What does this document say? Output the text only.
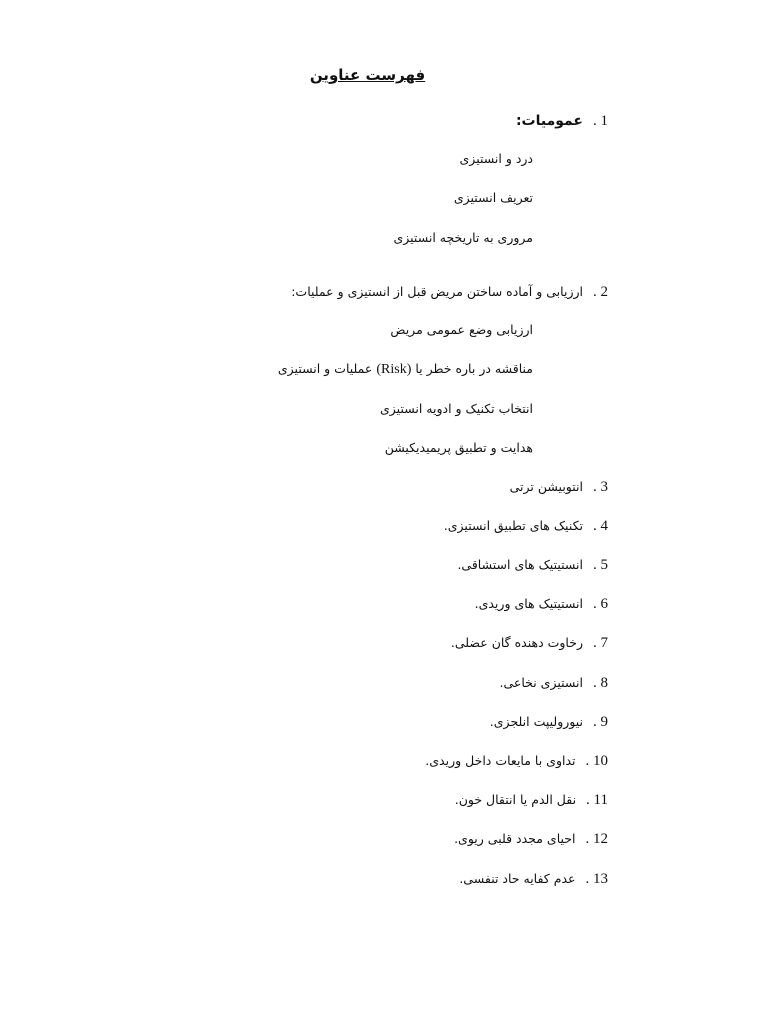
فهرست عناوین
1 .عمومیات:
درد و انستیزی
تعریف انستیزی
مروری به تاریخچه انستیزی
2 .ارزیابی و آماده ساختن مریض قبل از انستیزی و عملیات:
ارزیابی وضع عمومی مریض
مناقشه در باره خطر یا (Risk) عملیات و انستیزی
انتخاب تکنیک و ادویه انستیزی
هدایت و تطبیق پریمیدیکیشن
3 .انتوبیشن ترتی
4 .تکنیک های تطبیق انستیزی.
5 .انستیتیک های استشاقی.
6 .انستیتیک های وریدی.
7 .رخاوت دهنده گان عضلی.
8 .انستیزی نخاعی.
9 .نیورولیپت انلجزی.
10 .تداوی با مایعات داخل وریدی.
11 .نقل الدم یا انتقال خون.
12 .احیای مجدد قلبی ریوی.
13 .عدم کفایه حاد تنفسی.
